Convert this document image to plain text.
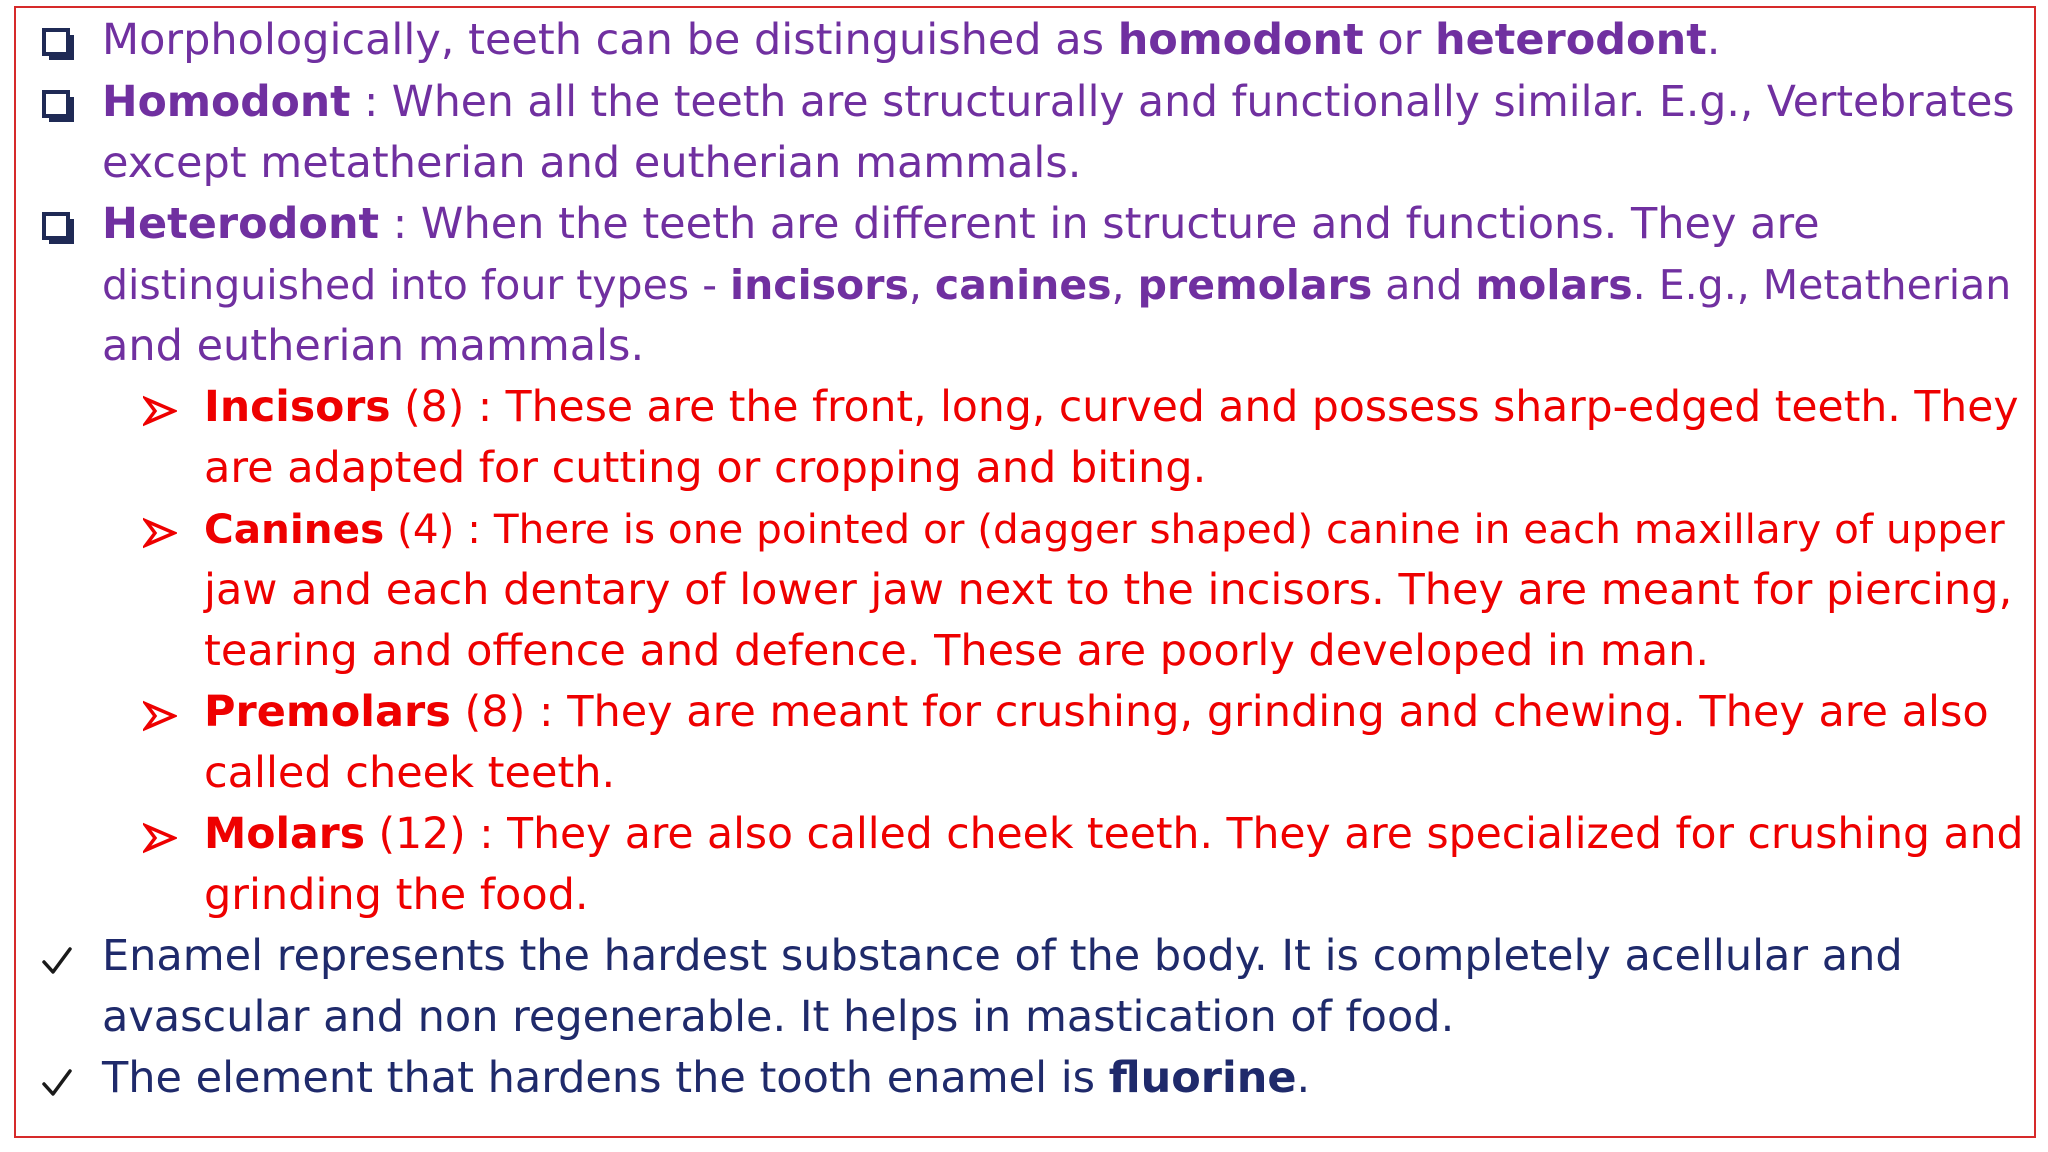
Morphologically, teeth can be distinguished as homodont or heterodont.
Homodont : When all the teeth are structurally and functionally similar. E.g., Vertebrates
except metatherian and eutherian mammals.
Heterodont : When the teeth are different in structure and functions. They are
distinguished into four types - incisors, canines, premolars and molars. E.g., Metatherian
and eutherian mammals.
Incisors (8) : These are the front, long, curved and possess sharp-edged teeth. They
are adapted for cutting or cropping and biting.
Canines (4) : There is one pointed or (dagger shaped) canine in each maxillary of upper
jaw and each dentary of lower jaw next to the incisors. They are meant for piercing,
tearing and offence and defence. These are poorly developed in man.
Premolars (8) : They are meant for crushing, grinding and chewing. They are also
called cheek teeth.
Molars (12) : They are also called cheek teeth. They are specialized for crushing and
grinding the food.
Enamel represents the hardest substance of the body. It is completely acellular and
avascular and non regenerable. It helps in mastication of food.
The element that hardens the tooth enamel is fluorine.
